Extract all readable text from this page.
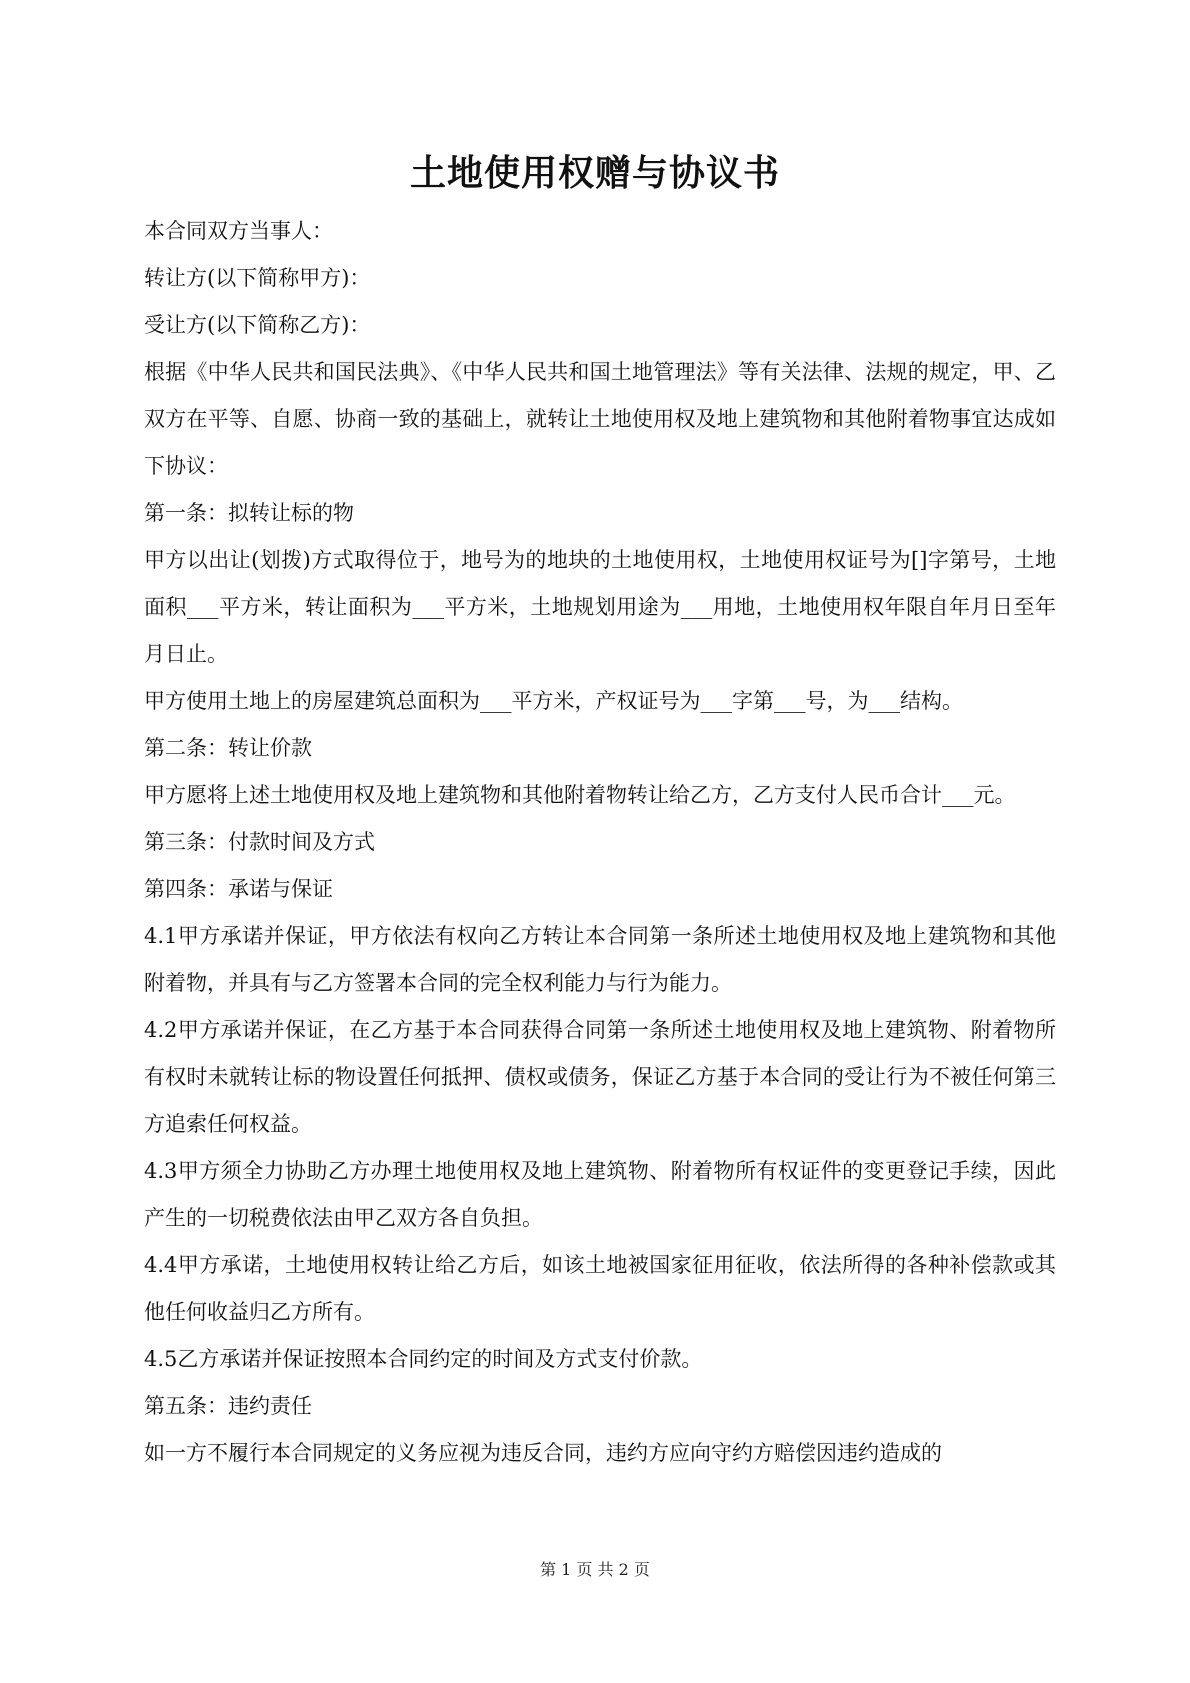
土地使用权赠与协议书

本合同双方当事人：

转让方(以下简称甲方)：

受让方(以下简称乙方)：

根据《中华人民共和国民法典》、《中华人民共和国土地管理法》等有关法律、法规的规定，甲、乙双方在平等、自愿、协商一致的基础上，就转让土地使用权及地上建筑物和其他附着物事宜达成如下协议：

第一条：拟转让标的物

甲方以出让(划拨)方式取得位于，地号为的地块的土地使用权，土地使用权证号为[]字第号，土地面积___平方米，转让面积为___平方米，土地规划用途为___用地，土地使用权年限自年月日至年月日止。

甲方使用土地上的房屋建筑总面积为___平方米，产权证号为___字第___号，为___结构。

第二条：转让价款

甲方愿将上述土地使用权及地上建筑物和其他附着物转让给乙方，乙方支付人民币合计___元。

第三条：付款时间及方式

第四条：承诺与保证

4.1甲方承诺并保证，甲方依法有权向乙方转让本合同第一条所述土地使用权及地上建筑物和其他附着物，并具有与乙方签署本合同的完全权利能力与行为能力。

4.2甲方承诺并保证，在乙方基于本合同获得合同第一条所述土地使用权及地上建筑物、附着物所有权时未就转让标的物设置任何抵押、债权或债务，保证乙方基于本合同的受让行为不被任何第三方追索任何权益。

4.3甲方须全力协助乙方办理土地使用权及地上建筑物、附着物所有权证件的变更登记手续，因此产生的一切税费依法由甲乙双方各自负担。

4.4甲方承诺，土地使用权转让给乙方后，如该土地被国家征用征收，依法所得的各种补偿款或其他任何收益归乙方所有。

4.5乙方承诺并保证按照本合同约定的时间及方式支付价款。

第五条：违约责任

如一方不履行本合同规定的义务应视为违反合同，违约方应向守约方赔偿因违约造成的

第 1 页 共 2 页
